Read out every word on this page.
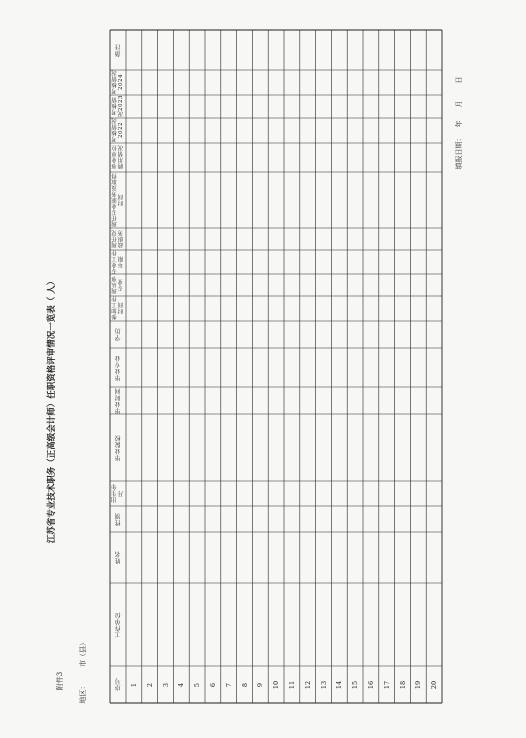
附件3
江苏省专业技术职务（正高级会计师）任职资格评审情况一览表（ 人）
地区：
市（县）
填报日期：
年
月
日
序号
工作单位
姓名
性别
出生年月
毕业院校
毕业时间
毕业专业
学历
参加工作时间
现从事专业
专业工作年限
现任党政职务
现任专业职务及取得时间
事业单位聘用情况
考核情况2022
考核情况2023
考核情况2024
备注
1 2 3 4 5 6 7 8 9 10 11 12 13 14 15 16 17 18 19 20
